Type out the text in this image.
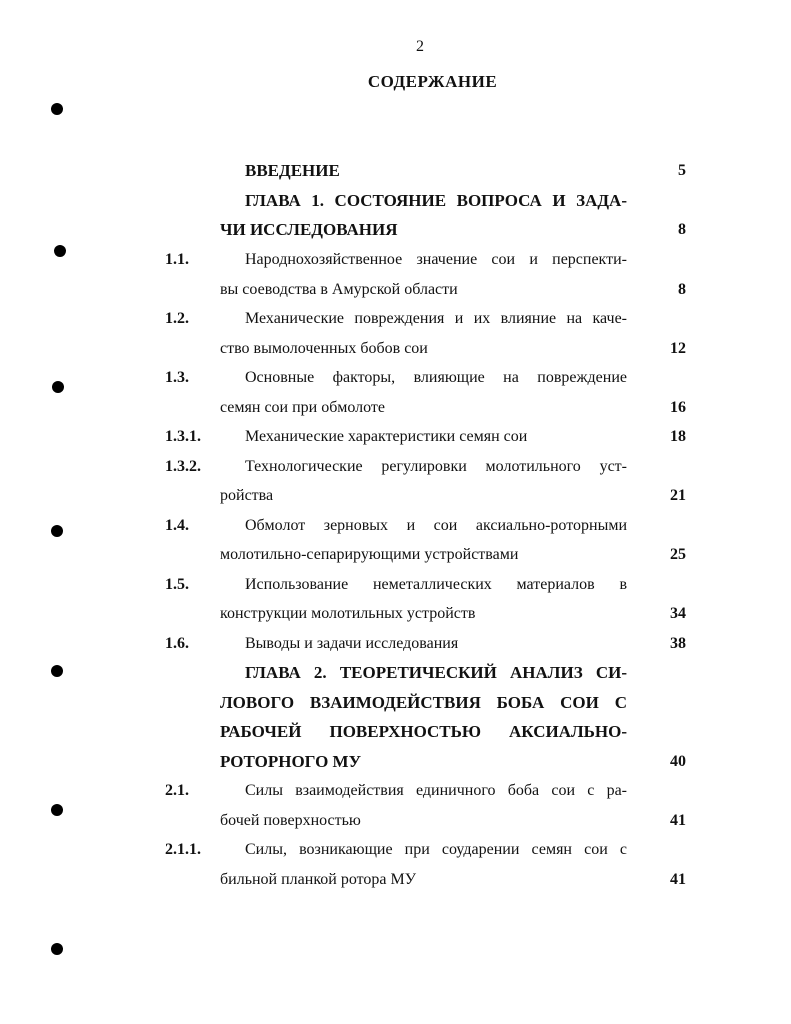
2
СОДЕРЖАНИЕ
ВВЕДЕНИЕ	5
ГЛАВА 1. СОСТОЯНИЕ ВОПРОСА И ЗАДА-
ЧИ ИССЛЕДОВАНИЯ	8
1.1.	Народнохозяйственное значение сои и перспекти-
вы соеводства в Амурской области	8
1.2.	Механические повреждения и их влияние на каче-
ство вымолоченных бобов сои	12
1.3.	Основные факторы, влияющие на повреждение
семян сои при обмолоте	16
1.3.1.	Механические характеристики семян сои	18
1.3.2.	Технологические регулировки молотильного уст-
ройства	21
1.4.	Обмолот зерновых и сои аксиально-роторными
молотильно-сепарирующими устройствами	25
1.5.	Использование неметаллических материалов в
конструкции молотильных устройств	34
1.6.	Выводы и задачи исследования	38
ГЛАВА 2. ТЕОРЕТИЧЕСКИЙ АНАЛИЗ СИ-
ЛОВОГО ВЗАИМОДЕЙСТВИЯ БОБА СОИ С
РАБОЧЕЙ ПОВЕРХНОСТЬЮ АКСИАЛЬНО-
РОТОРНОГО МУ	40
2.1.	Силы взаимодействия единичного боба сои с ра-
бочей поверхностью	41
2.1.1.	Силы, возникающие при соударении семян сои с
бильной планкой ротора МУ	41
